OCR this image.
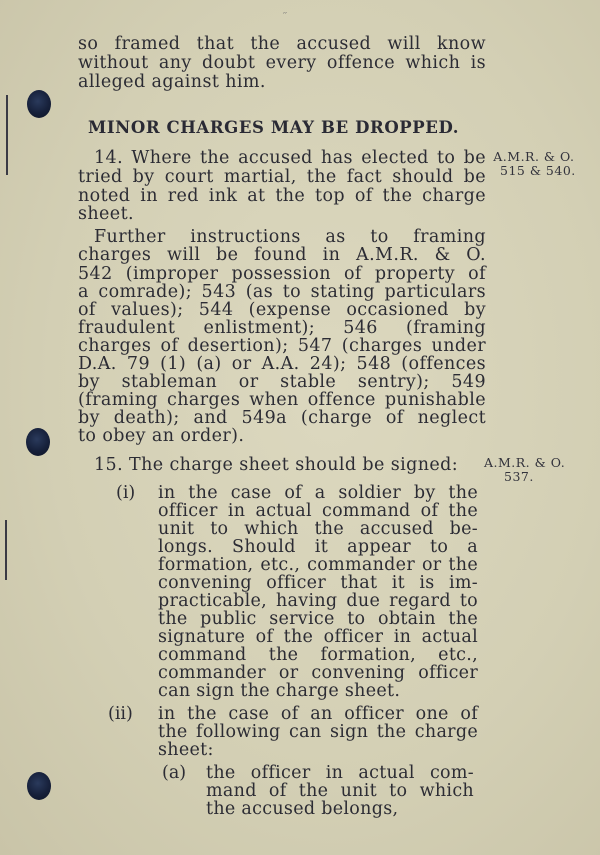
′′
so framed that the accused will know
without any doubt every offence which is
alleged against him.
MINOR CHARGES MAY BE DROPPED.
14. Where the accused has elected to be
tried by court martial, the fact should be
noted in red ink at the top of the charge
sheet.
A.M.R. & O.
515 & 540.
Further instructions as to framing
charges will be found in A.M.R. & O.
542 (improper possession of property of
a comrade); 543 (as to stating particulars
of values); 544 (expense occasioned by
fraudulent enlistment); 546 (framing
charges of desertion); 547 (charges under
D.A. 79 (1) (a) or A.A. 24); 548 (offences
by stableman or stable sentry); 549
(framing charges when offence punishable
by death); and 549a (charge of neglect
to obey an order).
15. The charge sheet should be signed:	A.M.R. & O.
537.
(i) in the case of a soldier by the
officer in actual command of the
unit to which the accused be-
longs. Should it appear to a
formation, etc., commander or the
convening officer that it is im-
practicable, having due regard to
the public service to obtain the
signature of the officer in actual
command the formation, etc.,
commander or convening officer
can sign the charge sheet.
(ii) in the case of an officer one of
the following can sign the charge
sheet:
(a) the officer in actual com-
mand of the unit to which
the accused belongs,
